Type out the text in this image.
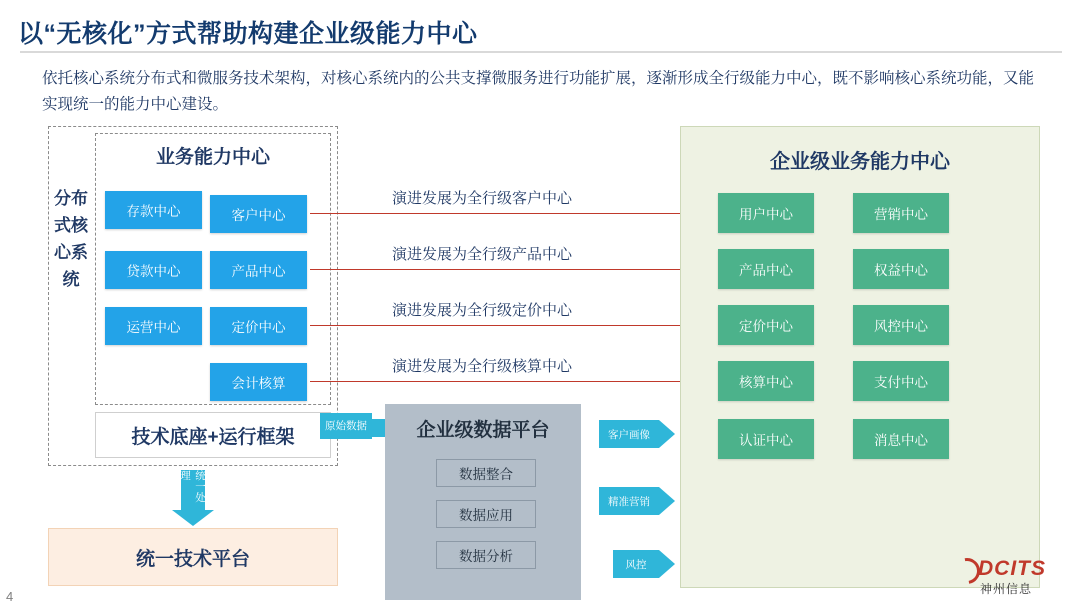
以“无核化”方式帮助构建企业级能力中心
依托核心系统分布式和微服务技术架构，对核心系统内的公共支撑微服务进行功能扩展，逐渐形成全行级能力中心，既不影响核心系统功能，又能实现统一的能力中心建设。
分布式核心系统
业务能力中心
存款中心
贷款中心
运营中心
客户中心
产品中心
定价中心
会计核算
技术底座+运行框架
统一处理
统一技术平台
演进发展为全行级客户中心
演进发展为全行级产品中心
演进发展为全行级定价中心
演进发展为全行级核算中心
原始数据	企业级数据平台
数据整合
数据应用
数据分析
客户画像
精准营销
风控
企业级业务能力中心
用户中心
产品中心
定价中心
核算中心
认证中心
营销中心
权益中心
风控中心
支付中心
消息中心
4
DCITS
神州信息
